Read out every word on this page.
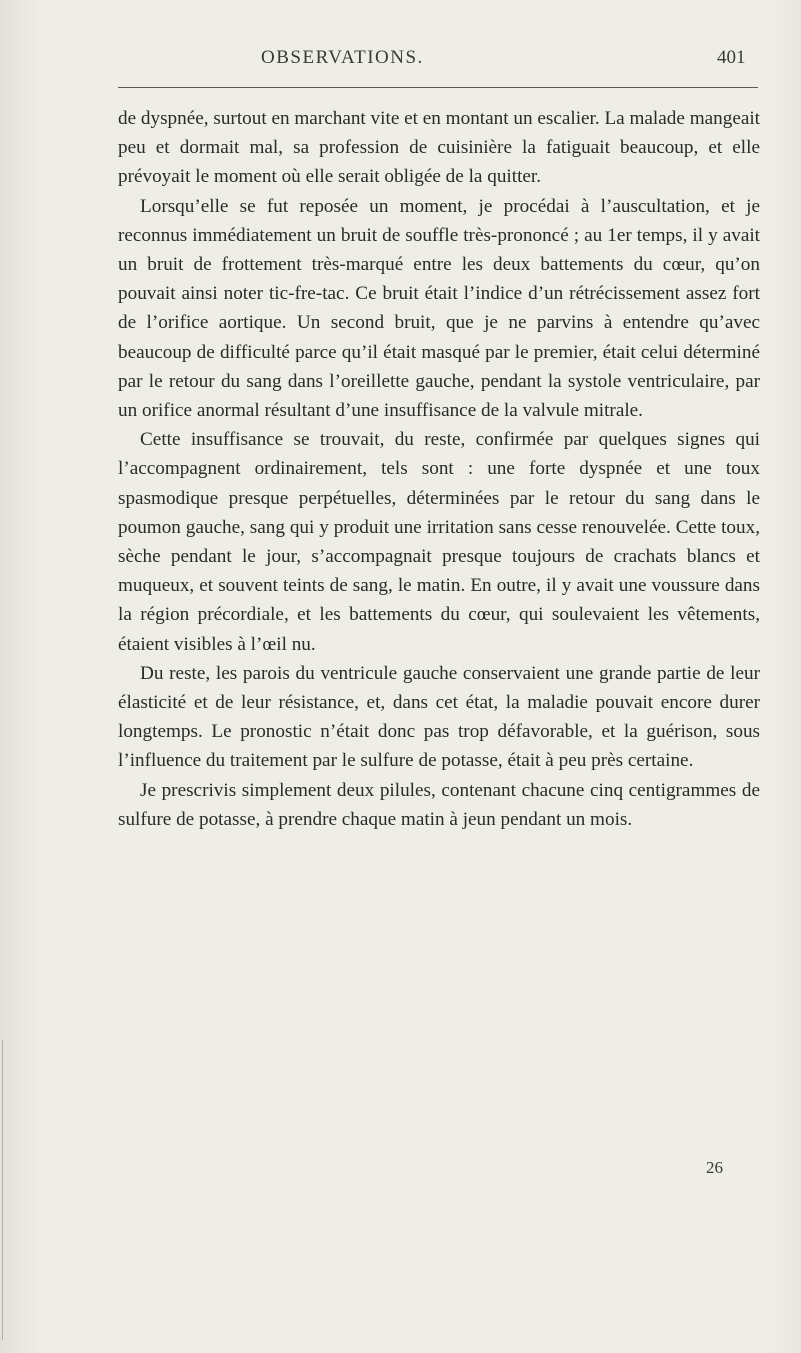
OBSERVATIONS.	401

de dyspnée, surtout en marchant vite et en montant un escalier. La malade mangeait peu et dormait mal, sa profession de cuisinière la fatiguait beaucoup, et elle prévoyait le moment où elle serait obligée de la quitter.

Lorsqu’elle se fut reposée un moment, je procédai à l’auscultation, et je reconnus immédiatement un bruit de souffle très-prononcé ; au 1er temps, il y avait un bruit de frottement très-marqué entre les deux battements du cœur, qu’on pouvait ainsi noter tic-fre-tac. Ce bruit était l’indice d’un rétrécissement assez fort de l’orifice aortique. Un second bruit, que je ne parvins à entendre qu’avec beaucoup de difficulté parce qu’il était masqué par le premier, était celui déterminé par le retour du sang dans l’oreillette gauche, pendant la systole ventriculaire, par un orifice anormal résultant d’une insuffisance de la valvule mitrale.

Cette insuffisance se trouvait, du reste, confirmée par quelques signes qui l’accompagnent ordinairement, tels sont : une forte dyspnée et une toux spasmodique presque perpétuelles, déterminées par le retour du sang dans le poumon gauche, sang qui y produit une irritation sans cesse renouvelée. Cette toux, sèche pendant le jour, s’accompagnait presque toujours de crachats blancs et muqueux, et souvent teints de sang, le matin. En outre, il y avait une voussure dans la région précordiale, et les battements du cœur, qui soulevaient les vêtements, étaient visibles à l’œil nu.

Du reste, les parois du ventricule gauche conservaient une grande partie de leur élasticité et de leur résistance, et, dans cet état, la maladie pouvait encore durer longtemps. Le pronostic n’était donc pas trop défavorable, et la guérison, sous l’influence du traitement par le sulfure de potasse, était à peu près certaine.

Je prescrivis simplement deux pilules, contenant chacune cinq centigrammes de sulfure de potasse, à prendre chaque matin à jeun pendant un mois.

26
